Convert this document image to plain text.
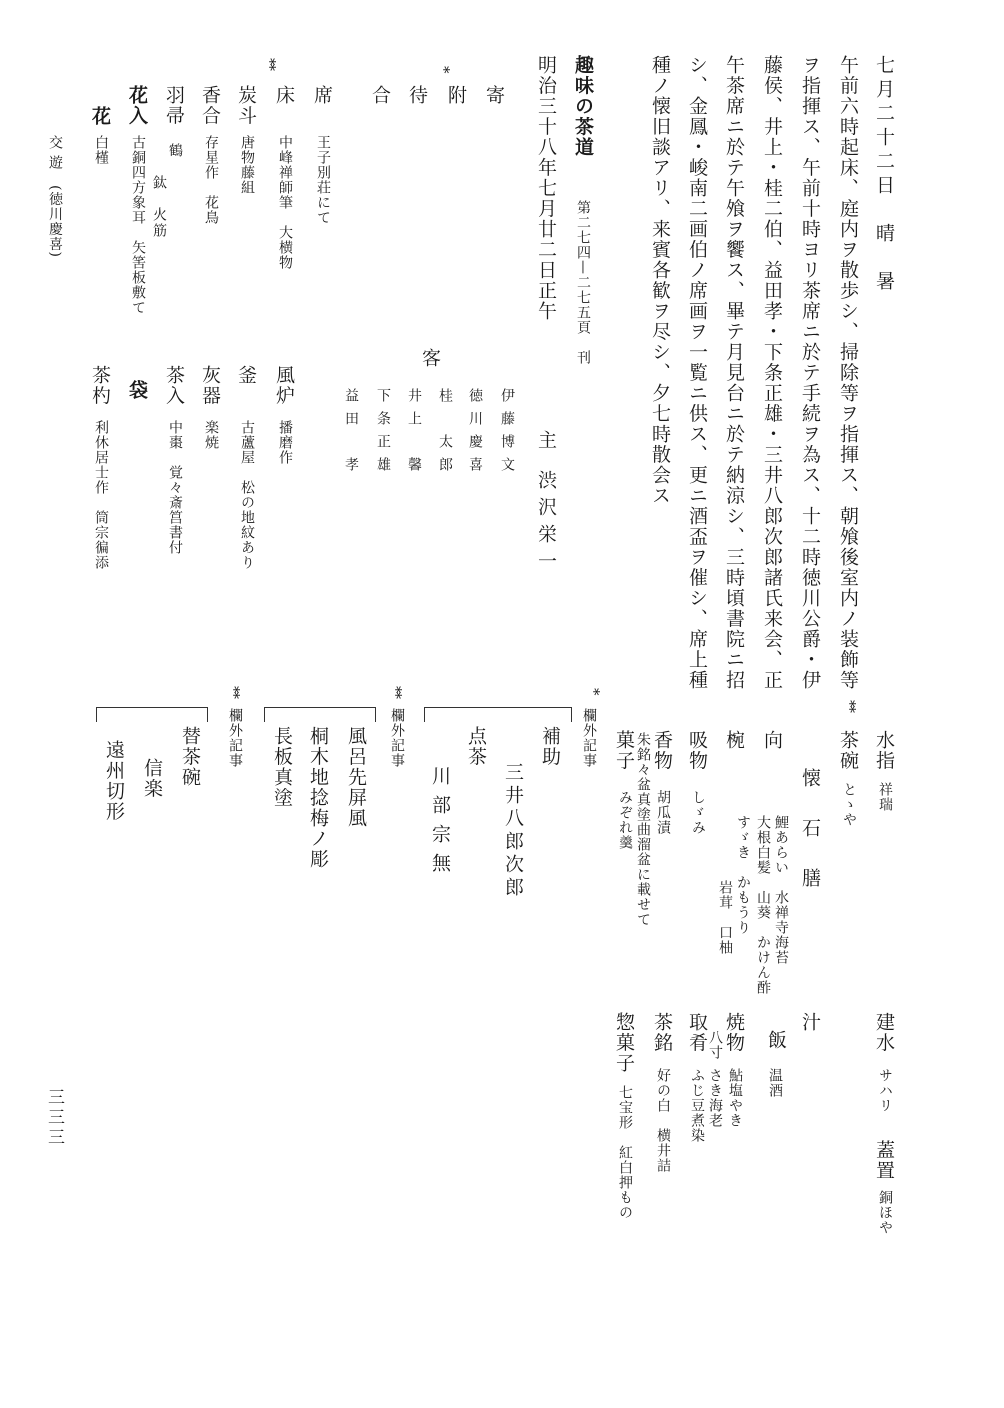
七月二十二日　晴　暑
午前六時起床、庭内ヲ散歩シ、掃除等ヲ指揮ス、朝飧後室内ノ装飾等
ヲ指揮ス、午前十時ヨリ茶席ニ於テ手続ヲ為ス、十二時徳川公爵・伊
藤侯、井上・桂二伯、益田孝・下条正雄・三井八郎次郎諸氏来会、正
午茶席ニ於テ午飧ヲ饗ス、畢テ月見台ニ於テ納涼シ、三時頃書院ニ招
シ、金鳳・峻南二画伯ノ席画ヲ一覧ニ供ス、更ニ酒盃ヲ催シ、席上種
種ノ懐旧談アリ、来賓各歓ヲ尽シ、夕七時散会ス
趣味の茶道
第二七四—二七五頁　刊
明治三十八年七月廿二日正午
主
渋沢栄一
客
伊藤博文
徳川慶喜
桂　太郎
井上　馨
下条正雄
益田　孝
寄
*
附
待
合
席
王子別荘にて
床
中峰禅師筆　大横物
**
炭斗
唐物藤組
香合
存星作　花鳥
羽帚
鶴
鈦　火筋
花入
古銅四方象耳　矢筈板敷て
花
白槿
交遊
(徳川慶喜)
風炉
播磨作
釜
古蘆屋　松の地紋あり
灰器
楽焼
茶入
中棗　覚々斎筥書付
袋
茶杓
利休居士作　筒宗徧添
水指
祥瑞
**
茶碗
とゝや
懐　石　膳
向
鯉あらい　水禅寺海苔
大根白髪　山葵　かけん酢
椀
すゞき　かもうり
岩茸　口柚
吸物
しゞみ
香物
胡瓜漬
朱銘々盆真塗曲溜盆に載せて
菓子
みぞれ羹
建水
サハリ
蓋置
銅ほや
汁
飯
温酒
焼物
鮎塩やき
八寸
取肴
さき海老
ふじ豆煮染
茶銘
好の白　横井詰
惣菓子
七宝形　紅白押もの
*
欄外記事
補助
三井八郎次郎
点茶
川部宗無
**
欄外記事
風呂先屏風
桐木地捻梅ノ彫
長板真塗
**
欄外記事
替茶碗
信楽
遠州切形
三三三
